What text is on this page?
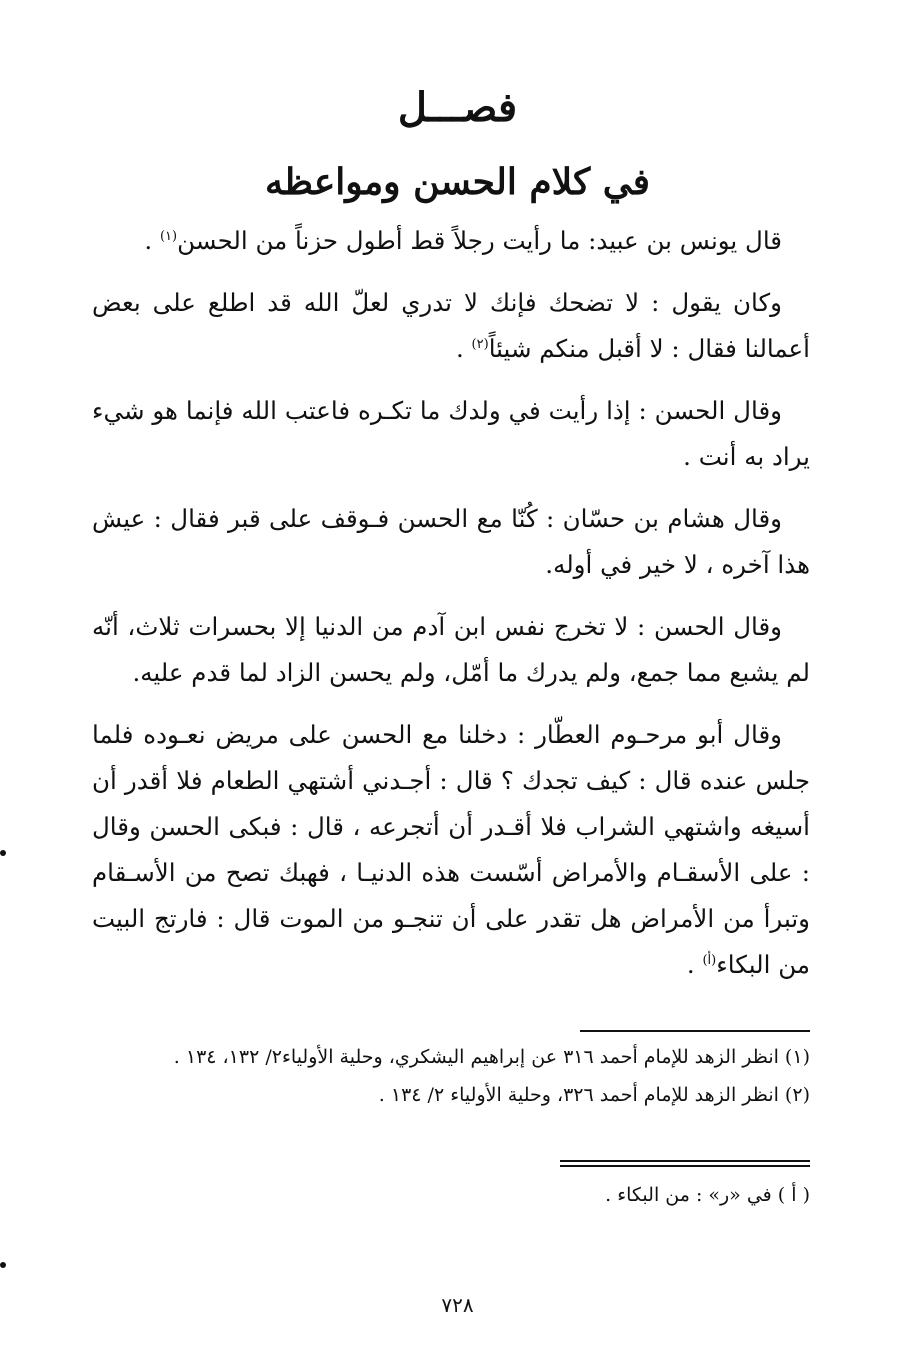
فصـــل
في كلام الحسن ومواعظه

قال يونس بن عبيد: ما رأيت رجلاً قط أطول حزناً من الحسن$^{(١)}$ .

وكان يقول : لا تضحك فإنك لا تدري لعلّ الله قد اطلع على بعض أعمالنا فقال : لا أقبل منكم شيئاً$^{(٢)}$ .

وقال الحسن : إذا رأيت في ولدك ما تكـره فاعتب الله فإنما هو شيء يراد به أنت .

وقال هشام بن حسّان : كُنّا مع الحسن فـوقف على قبر فقال : عيش هذا آخره ، لا خير في أوله.

وقال الحسن : لا تخرج نفس ابن آدم من الدنيا إلا بحسرات ثلاث، أنّه لم يشبع مما جمع، ولم يدرك ما أمّل، ولم يحسن الزاد لما قدم عليه.

وقال أبو مرحـوم العطّار : دخلنا مع الحسن على مريض نعـوده فلما جلس عنده قال : كيف تجدك ؟ قال : أجـدني أشتهي الطعام فلا أقدر أن أسيغه واشتهي الشراب فلا أقـدر أن أتجرعه ، قال : فبكى الحسن وقال : على الأسقـام والأمراض أسّست هذه الدنيـا ، فهبك تصح من الأسـقام وتبرأ من الأمراض هل تقدر على أن تنجـو من الموت قال : فارتج البيت من البكاء$^{(أ)}$ .

(١) انظر الزهد للإمام أحمد ٣١٦ عن إبراهيم اليشكري، وحلية الأولياء٢/ ١٣٢، ١٣٤ .

(٢) انظر الزهد للإمام أحمد ٣٢٦، وحلية الأولياء ٢/ ١٣٤ .

( أ ) في «ر» : من البكاء .
٧٢٨
